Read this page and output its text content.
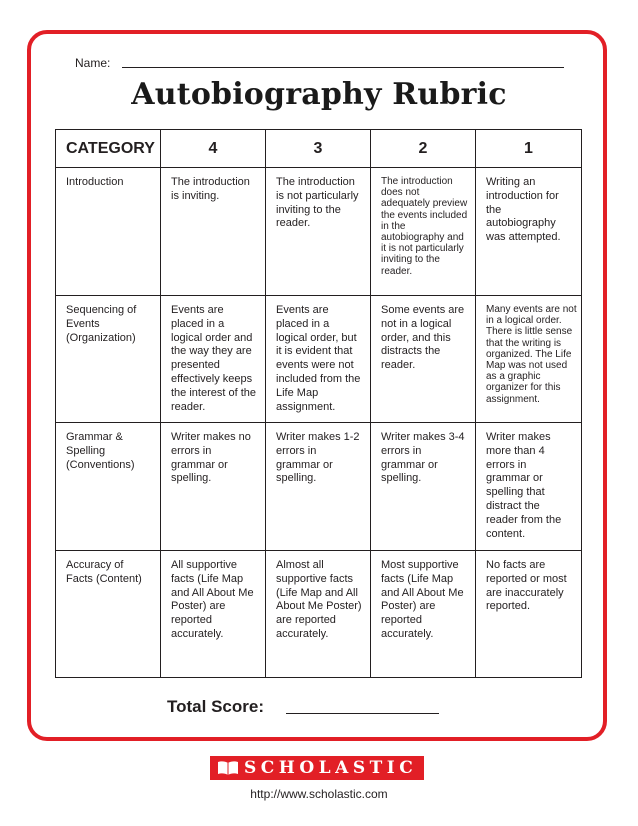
Name:
Autobiography Rubric
CATEGORY	4	3	2	1
Introduction	The introduction is inviting.	The introduction is not particularly inviting to the reader.	The introduction does not adequately preview the events included in the autobiography and it is not particularly inviting to the reader.	Writing an introduction for the autobiography was attempted.
Sequencing of Events (Organization)	Events are placed in a logical order and the way they are presented effectively keeps the interest of the reader.	Events are placed in a logical order, but it is evident that events were not included from the Life Map assignment.	Some events are not in a logical order, and this distracts the reader.	Many events are not in a logical order. There is little sense that the writing is organized. The Life Map was not used as a graphic organizer for this assignment.
Grammar & Spelling (Conventions)	Writer makes no errors in grammar or spelling.	Writer makes 1-2 errors in grammar or spelling.	Writer makes 3-4 errors in grammar or spelling.	Writer makes more than 4 errors in grammar or spelling that distract the reader from the content.
Accuracy of Facts (Content)	All supportive facts (Life Map and All About Me Poster) are reported accurately.	Almost all supportive facts (Life Map and All About Me Poster) are reported accurately.	Most supportive facts (Life Map and All About Me Poster) are reported accurately.	No facts are reported or most are inaccurately reported.
Total Score:
SCHOLASTIC
http://www.scholastic.com
